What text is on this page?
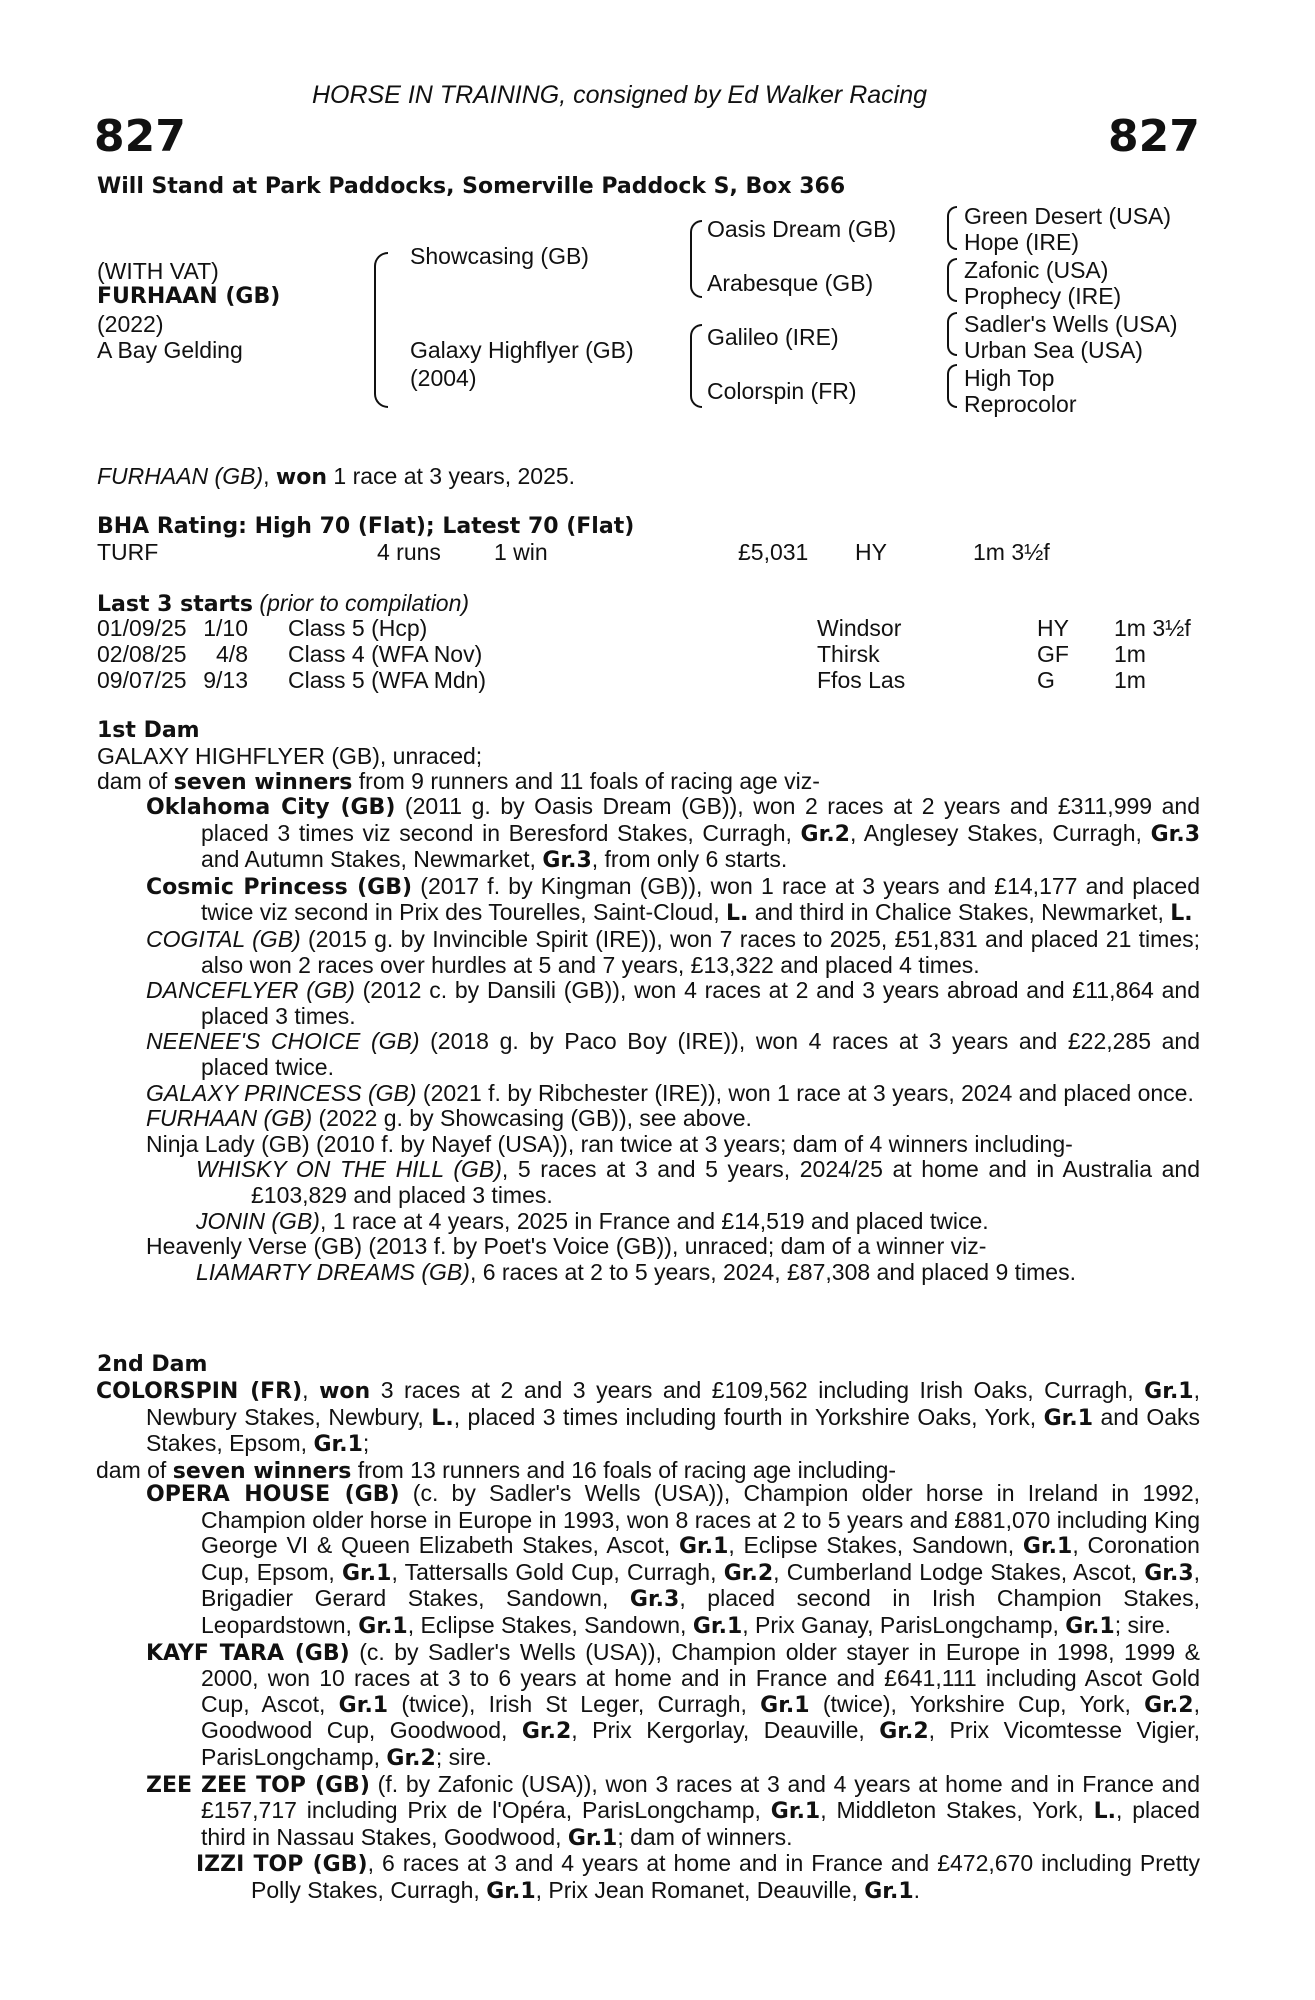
HORSE IN TRAINING, consigned by Ed Walker Racing
827	827
Will Stand at Park Paddocks, Somerville Paddock S, Box 366
(WITH VAT)
FURHAAN (GB)
(2022)
A Bay Gelding
Showcasing (GB)
Galaxy Highflyer (GB)
(2004)
Oasis Dream (GB)
Arabesque (GB)
Galileo (IRE)
Colorspin (FR)
Green Desert (USA)
Hope (IRE)
Zafonic (USA)
Prophecy (IRE)
Sadler's Wells (USA)
Urban Sea (USA)
High Top
Reprocolor
FURHAAN (GB), won 1 race at 3 years, 2025.
BHA Rating: High 70 (Flat); Latest 70 (Flat)
TURF	4 runs 1 win	£5,031 HY	1m 3½f
Last 3 starts (prior to compilation)
01/09/25 1/10 Class 5 (Hcp)	Windsor	HY 1m 3½f
02/08/25	4/8 Class 4 (WFA Nov)	Thirsk	GF 1m
09/07/25 9/13 Class 5 (WFA Mdn)	Ffos Las	G	1m
1st Dam
GALAXY HIGHFLYER (GB), unraced;
dam of seven winners from 9 runners and 11 foals of racing age viz-

Oklahoma City (GB) (2011 g. by Oasis Dream (GB)), won 2 races at 2 years and £311,999 and placed 3 times viz second in Beresford Stakes, Curragh, Gr.2, Anglesey Stakes, Curragh, Gr.3 and Autumn Stakes, Newmarket, Gr.3, from only 6 starts.

Cosmic Princess (GB) (2017 f. by Kingman (GB)), won 1 race at 3 years and £14,177 and placed twice viz second in Prix des Tourelles, Saint-Cloud, L. and third in Chalice Stakes, Newmarket, L.

COGITAL (GB) (2015 g. by Invincible Spirit (IRE)), won 7 races to 2025, £51,831 and placed 21 times; also won 2 races over hurdles at 5 and 7 years, £13,322 and placed 4 times.

DANCEFLYER (GB) (2012 c. by Dansili (GB)), won 4 races at 2 and 3 years abroad and £11,864 and placed 3 times.

NEENEE'S CHOICE (GB) (2018 g. by Paco Boy (IRE)), won 4 races at 3 years and £22,285 and placed twice.

GALAXY PRINCESS (GB) (2021 f. by Ribchester (IRE)), won 1 race at 3 years, 2024 and placed once.

FURHAAN (GB) (2022 g. by Showcasing (GB)), see above.

Ninja Lady (GB) (2010 f. by Nayef (USA)), ran twice at 3 years; dam of 4 winners including-

WHISKY ON THE HILL (GB), 5 races at 3 and 5 years, 2024/25 at home and in Australia and £103,829 and placed 3 times.

JONIN (GB), 1 race at 4 years, 2025 in France and £14,519 and placed twice.

Heavenly Verse (GB) (2013 f. by Poet's Voice (GB)), unraced; dam of a winner viz-

LIAMARTY DREAMS (GB), 6 races at 2 to 5 years, 2024, £87,308 and placed 9 times.

2nd Dam

COLORSPIN (FR), won 3 races at 2 and 3 years and £109,562 including Irish Oaks, Curragh, Gr.1, Newbury Stakes, Newbury, L., placed 3 times including fourth in Yorkshire Oaks, York, Gr.1 and Oaks Stakes, Epsom, Gr.1;

dam of seven winners from 13 runners and 16 foals of racing age including-

OPERA HOUSE (GB) (c. by Sadler's Wells (USA)), Champion older horse in Ireland in 1992, Champion older horse in Europe in 1993, won 8 races at 2 to 5 years and £881,070 including King George VI & Queen Elizabeth Stakes, Ascot, Gr.1, Eclipse Stakes, Sandown, Gr.1, Coronation Cup, Epsom, Gr.1, Tattersalls Gold Cup, Curragh, Gr.2, Cumberland Lodge Stakes, Ascot, Gr.3, Brigadier Gerard Stakes, Sandown, Gr.3, placed second in Irish Champion Stakes, Leopardstown, Gr.1, Eclipse Stakes, Sandown, Gr.1, Prix Ganay, ParisLongchamp, Gr.1; sire.

KAYF TARA (GB) (c. by Sadler's Wells (USA)), Champion older stayer in Europe in 1998, 1999 & 2000, won 10 races at 3 to 6 years at home and in France and £641,111 including Ascot Gold Cup, Ascot, Gr.1 (twice), Irish St Leger, Curragh, Gr.1 (twice), Yorkshire Cup, York, Gr.2, Goodwood Cup, Goodwood, Gr.2, Prix Kergorlay, Deauville, Gr.2, Prix Vicomtesse Vigier, ParisLongchamp, Gr.2; sire.

ZEE ZEE TOP (GB) (f. by Zafonic (USA)), won 3 races at 3 and 4 years at home and in France and £157,717 including Prix de l'Opéra, ParisLongchamp, Gr.1, Middleton Stakes, York, L., placed third in Nassau Stakes, Goodwood, Gr.1; dam of winners.

IZZI TOP (GB), 6 races at 3 and 4 years at home and in France and £472,670 including Pretty Polly Stakes, Curragh, Gr.1, Prix Jean Romanet, Deauville, Gr.1.
